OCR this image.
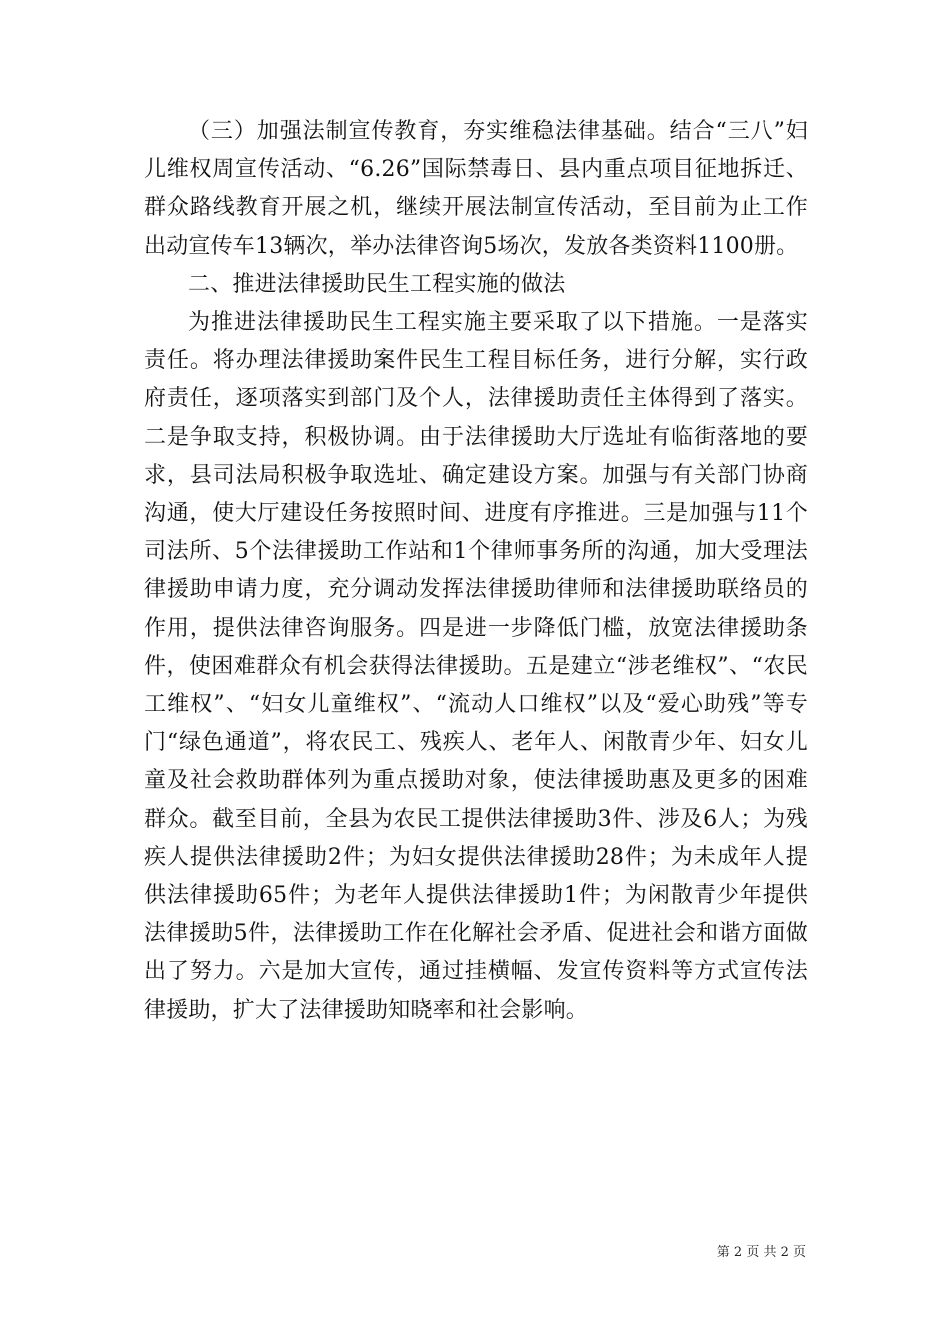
（三）加强法制宣传教育，夯实维稳法律基础。结合“三八”妇儿维权周宣传活动、“6.26”国际禁毒日、县内重点项目征地拆迁、群众路线教育开展之机，继续开展法制宣传活动，至目前为止工作出动宣传车13辆次，举办法律咨询5场次，发放各类资料1100册。

二、推进法律援助民生工程实施的做法

为推进法律援助民生工程实施主要采取了以下措施。一是落实责任。将办理法律援助案件民生工程目标任务，进行分解，实行政府责任，逐项落实到部门及个人，法律援助责任主体得到了落实。二是争取支持，积极协调。由于法律援助大厅选址有临街落地的要求，县司法局积极争取选址、确定建设方案。加强与有关部门协商沟通，使大厅建设任务按照时间、进度有序推进。三是加强与11个司法所、5个法律援助工作站和1个律师事务所的沟通，加大受理法律援助申请力度，充分调动发挥法律援助律师和法律援助联络员的作用，提供法律咨询服务。四是进一步降低门槛，放宽法律援助条件，使困难群众有机会获得法律援助。五是建立“涉老维权”、“农民工维权”、“妇女儿童维权”、“流动人口维权”以及“爱心助残”等专门“绿色通道”，将农民工、残疾人、老年人、闲散青少年、妇女儿童及社会救助群体列为重点援助对象，使法律援助惠及更多的困难群众。截至目前，全县为农民工提供法律援助3件、涉及6人；为残疾人提供法律援助2件；为妇女提供法律援助28件；为未成年人提供法律援助65件；为老年人提供法律援助1件；为闲散青少年提供法律援助5件，法律援助工作在化解社会矛盾、促进社会和谐方面做出了努力。六是加大宣传，通过挂横幅、发宣传资料等方式宣传法律援助，扩大了法律援助知晓率和社会影响。

第 2 页 共 2 页
